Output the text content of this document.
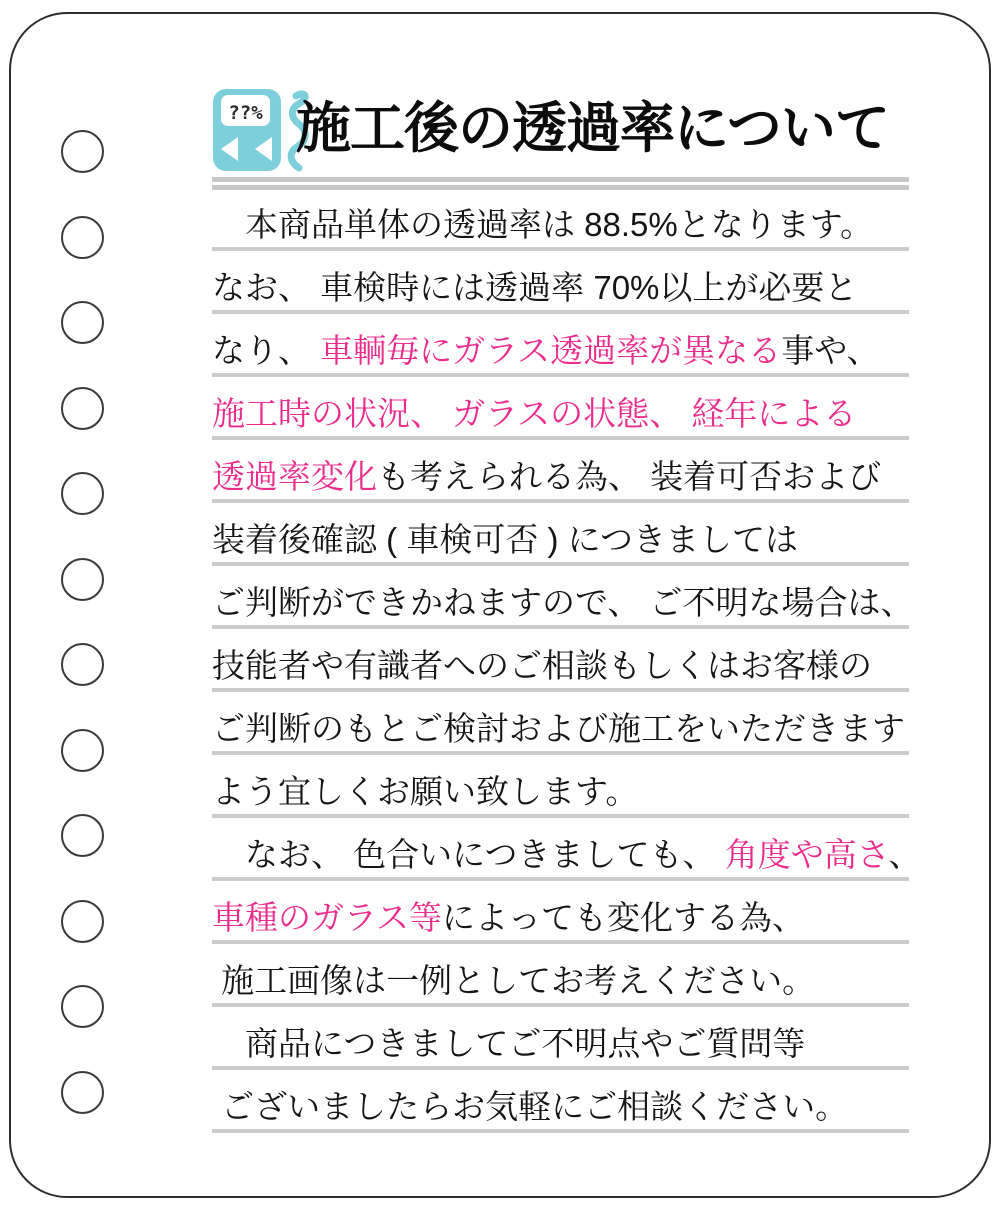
??% 施工後の透過率について
　本商品単体の透過率は 88.5%となります。
なお、 車検時には透過率 70%以上が必要と
なり、 車輌毎にガラス透過率が異なる事や、
施工時の状況、 ガラスの状態、 経年による
透過率変化も考えられる為、 装着可否および
装着後確認 ( 車検可否 ) につきましては
ご判断ができかねますので、 ご不明な場合は、
技能者や有識者へのご相談もしくはお客様の
ご判断のもとご検討および施工をいただきます
よう宜しくお願い致します。
　なお、 色合いにつきましても、 角度や高さ、
車種のガラス等によっても変化する為、
施工画像は一例としてお考えください。
　商品につきましてご不明点やご質問等
ございましたらお気軽にご相談ください。
